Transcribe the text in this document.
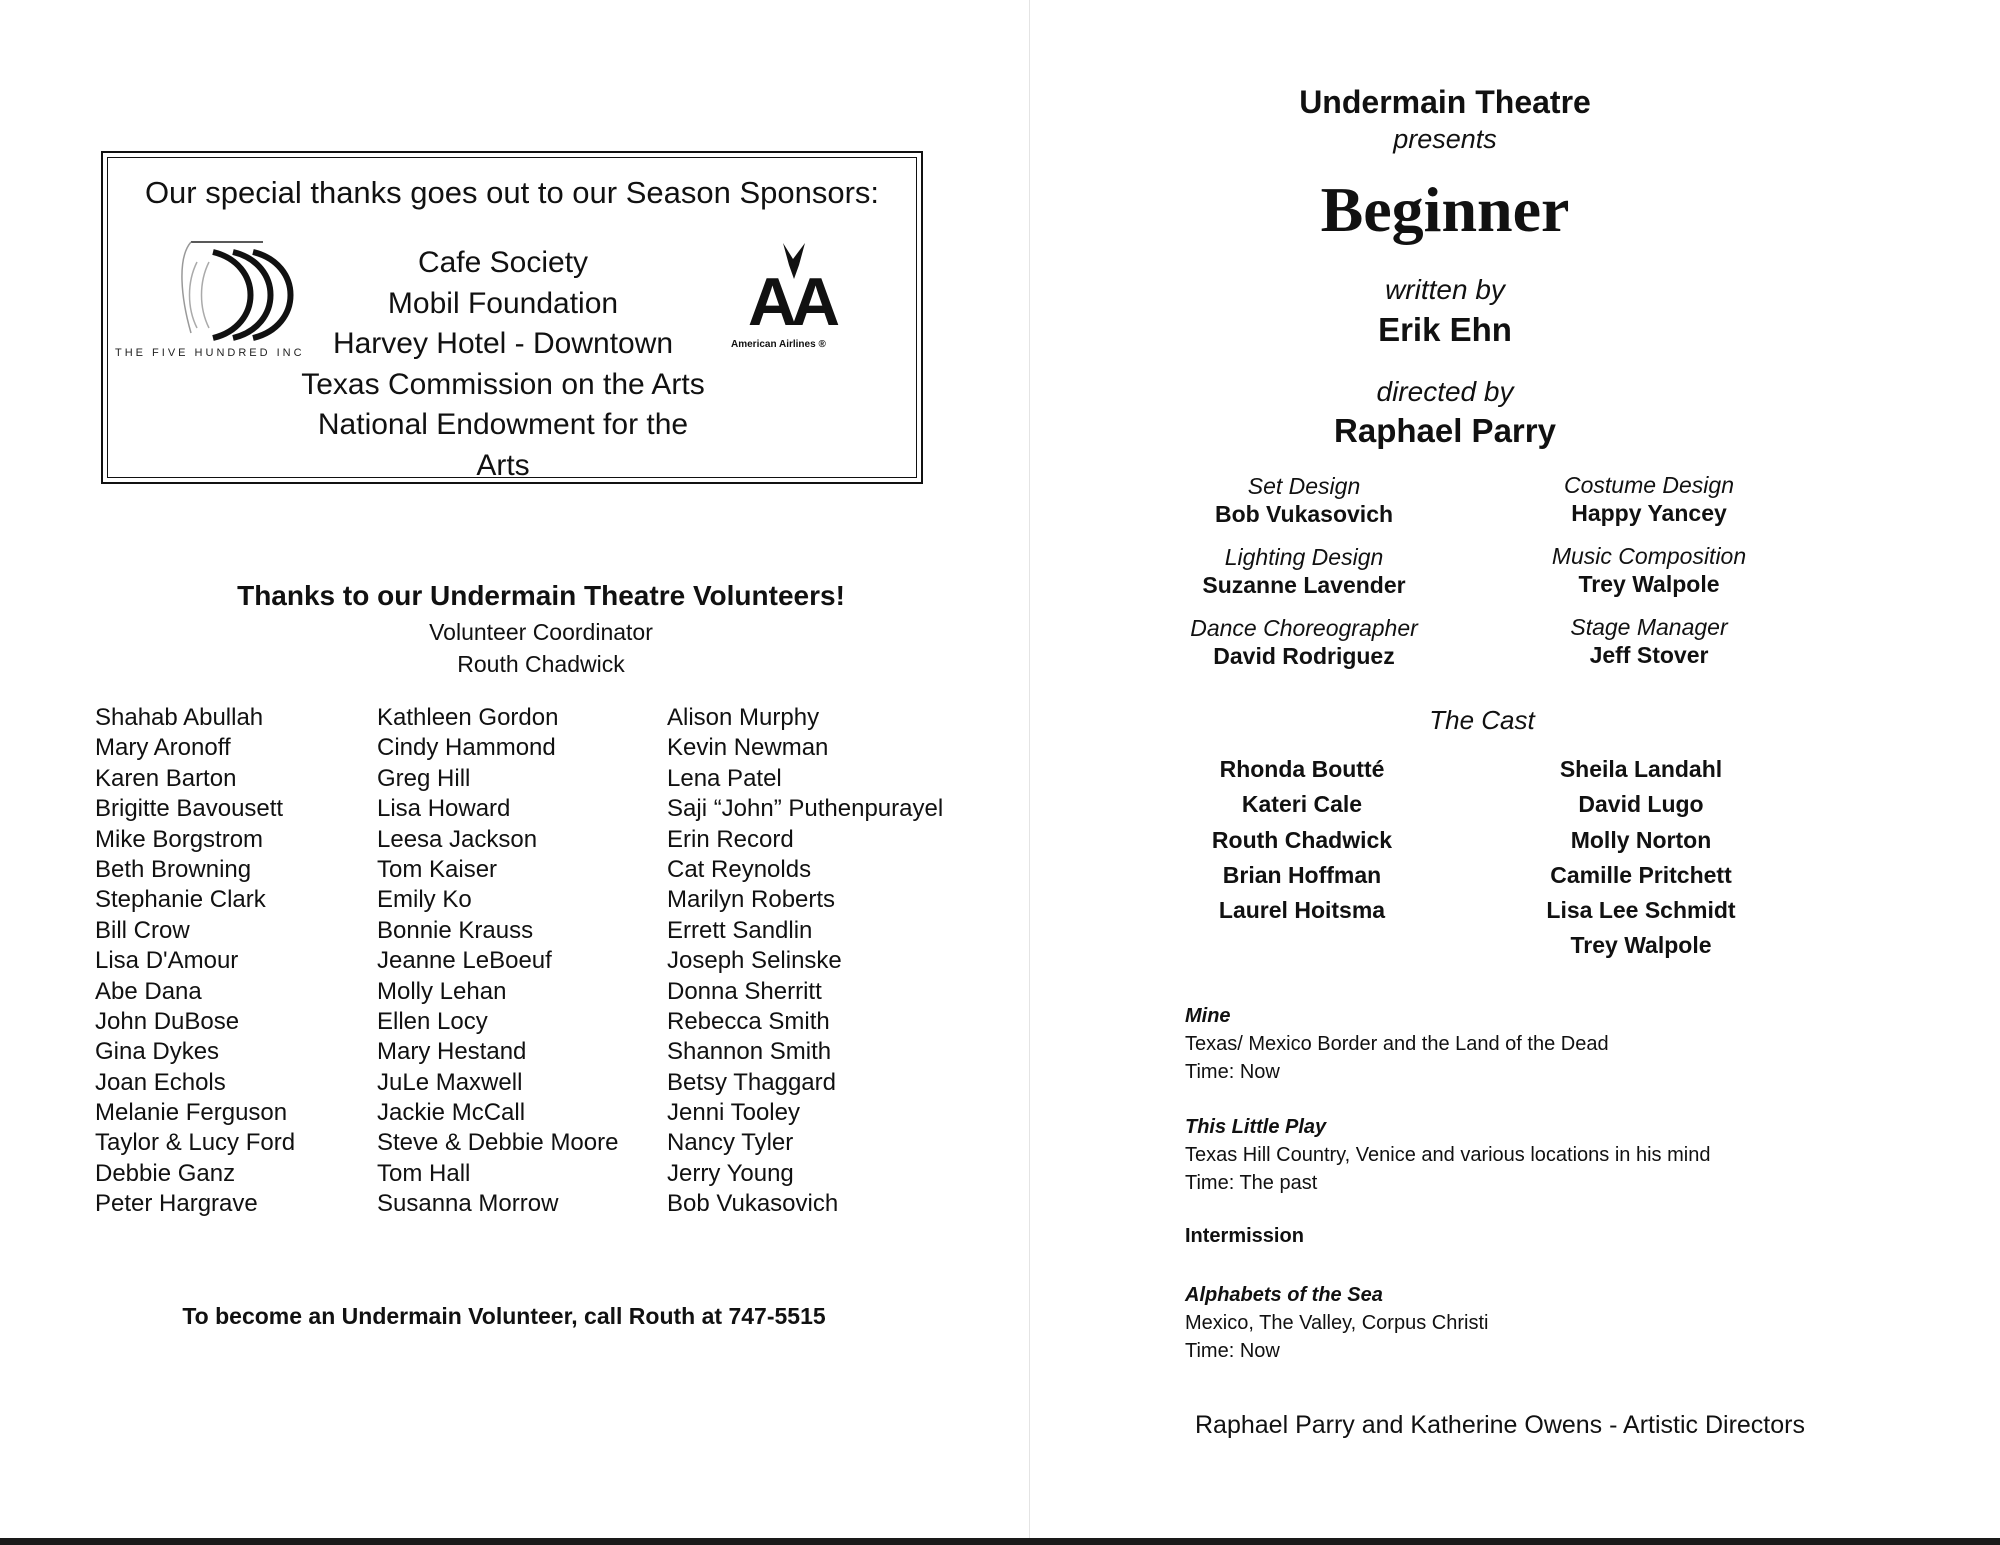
Our special thanks goes out to our Season Sponsors:
THE FIVE HUNDRED INC
Cafe Society
Mobil Foundation
Harvey Hotel - Downtown
Texas Commission on the Arts
National Endowment for the Arts
AA
American Airlines ®
Thanks to our Undermain Theatre Volunteers!
Volunteer Coordinator
Routh Chadwick
Shahab Abullah
Mary Aronoff
Karen Barton
Brigitte Bavousett
Mike Borgstrom
Beth Browning
Stephanie Clark
Bill Crow
Lisa D'Amour
Abe Dana
John DuBose
Gina Dykes
Joan Echols
Melanie Ferguson
Taylor & Lucy Ford
Debbie Ganz
Peter Hargrave
Kathleen Gordon
Cindy Hammond
Greg Hill
Lisa Howard
Leesa Jackson
Tom Kaiser
Emily Ko
Bonnie Krauss
Jeanne LeBoeuf
Molly Lehan
Ellen Locy
Mary Hestand
JuLe Maxwell
Jackie McCall
Steve & Debbie Moore
Tom Hall
Susanna Morrow
Alison Murphy
Kevin Newman
Lena Patel
Saji “John” Puthenpurayel
Erin Record
Cat Reynolds
Marilyn Roberts
Errett Sandlin
Joseph Selinske
Donna Sherritt
Rebecca Smith
Shannon Smith
Betsy Thaggard
Jenni Tooley
Nancy Tyler
Jerry Young
Bob Vukasovich
To become an Undermain Volunteer, call Routh at 747-5515
Undermain Theatre
presents
Beginner
written by
Erik Ehn
directed by
Raphael Parry
Set Design
Bob Vukasovich
Costume Design
Happy Yancey
Lighting Design
Suzanne Lavender
Music Composition
Trey Walpole
Dance Choreographer
David Rodriguez
Stage Manager
Jeff Stover
The Cast
Rhonda Boutté
Kateri Cale
Routh Chadwick
Brian Hoffman
Laurel Hoitsma
Sheila Landahl
David Lugo
Molly Norton
Camille Pritchett
Lisa Lee Schmidt
Trey Walpole
Mine
Texas/ Mexico Border and the Land of the Dead
Time: Now
This Little Play
Texas Hill Country, Venice and various locations in his mind
Time: The past
Intermission
Alphabets of the Sea
Mexico, The Valley, Corpus Christi
Time: Now
Raphael Parry and Katherine Owens - Artistic Directors
